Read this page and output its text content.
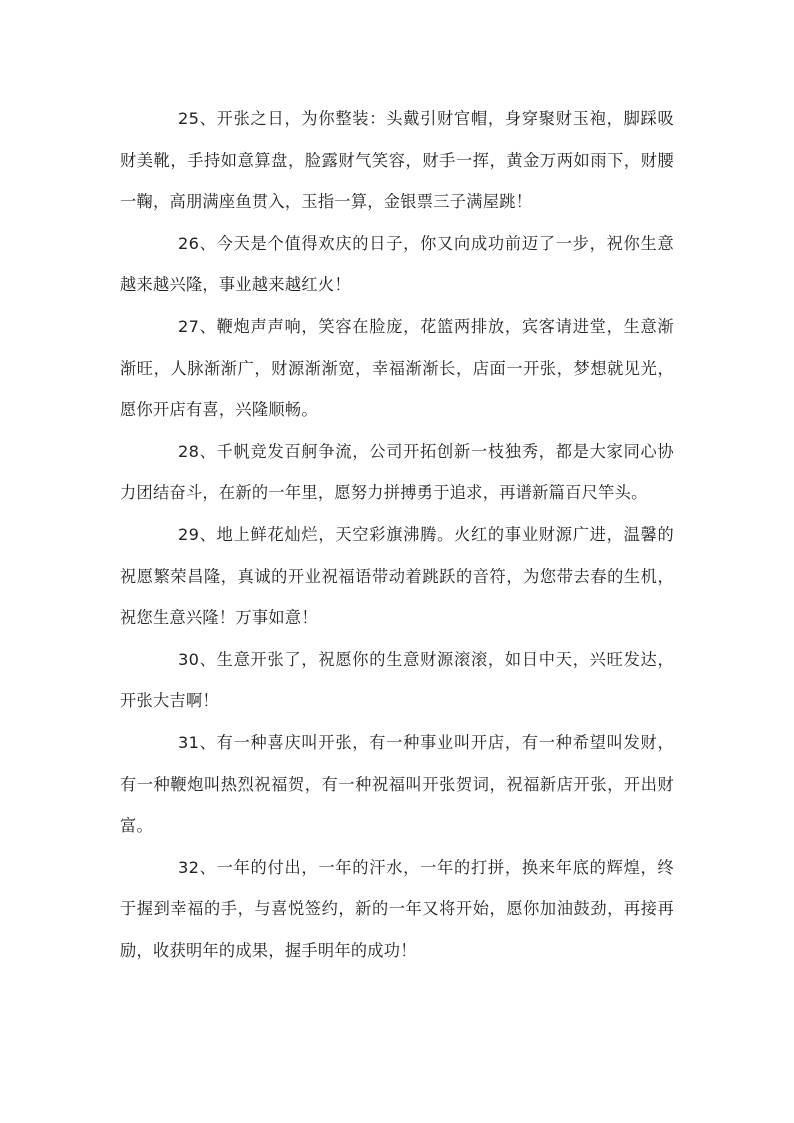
25、开张之日，为你整装：头戴引财官帽，身穿聚财玉袍，脚踩吸财美靴，手持如意算盘，脸露财气笑容，财手一挥，黄金万两如雨下，财腰一鞠，高朋满座鱼贯入，玉指一算，金银票三子满屋跳！

26、今天是个值得欢庆的日子，你又向成功前迈了一步，祝你生意越来越兴隆，事业越来越红火！

27、鞭炮声声响，笑容在脸庞，花篮两排放，宾客请进堂，生意渐渐旺，人脉渐渐广，财源渐渐宽，幸福渐渐长，店面一开张，梦想就见光，愿你开店有喜，兴隆顺畅。

28、千帆竞发百舸争流，公司开拓创新一枝独秀，都是大家同心协力团结奋斗，在新的一年里，愿努力拼搏勇于追求，再谱新篇百尺竿头。

29、地上鲜花灿烂，天空彩旗沸腾。火红的事业财源广进，温馨的祝愿繁荣昌隆，真诚的开业祝福语带动着跳跃的音符，为您带去春的生机，祝您生意兴隆！万事如意！

30、生意开张了，祝愿你的生意财源滚滚，如日中天，兴旺发达，开张大吉啊！

31、有一种喜庆叫开张，有一种事业叫开店，有一种希望叫发财，有一种鞭炮叫热烈祝福贺，有一种祝福叫开张贺词，祝福新店开张，开出财富。

32、一年的付出，一年的汗水，一年的打拼，换来年底的辉煌，终于握到幸福的手，与喜悦签约，新的一年又将开始，愿你加油鼓劲，再接再励，收获明年的成果，握手明年的成功！
